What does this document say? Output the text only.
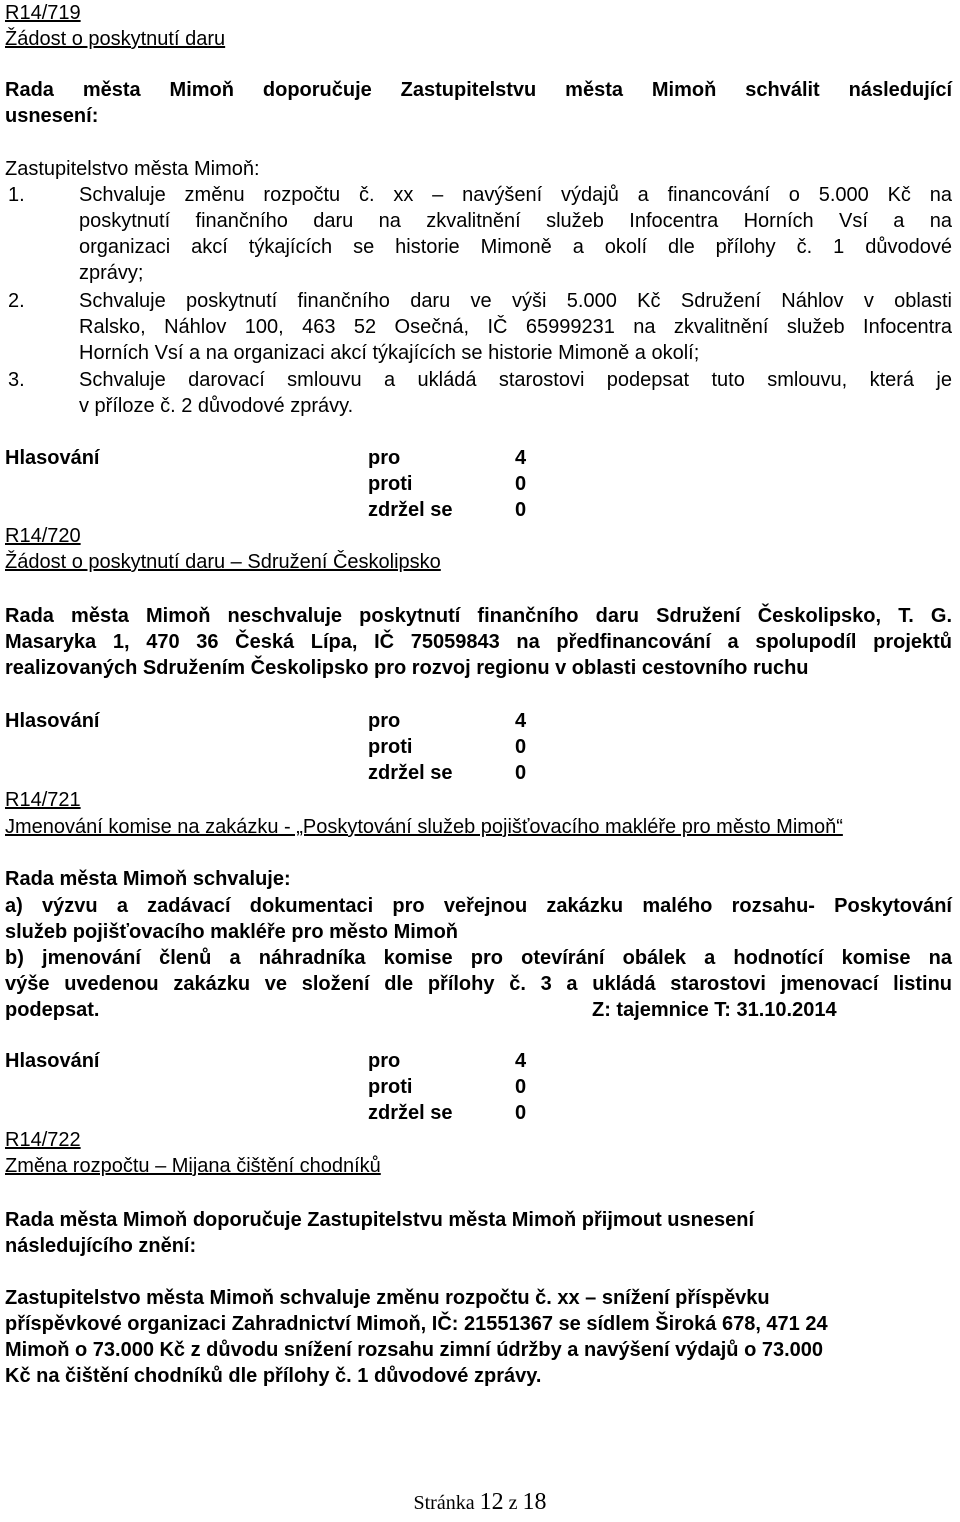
R14/719
Žádost o poskytnutí daru
Rada města Mimoň doporučuje Zastupitelstvu města Mimoň schválit následující
usnesení:
Zastupitelstvo města Mimoň:
1.	Schvaluje změnu rozpočtu č. xx – navýšení výdajů a financování o 5.000 Kč na
poskytnutí finančního daru na zkvalitnění služeb Infocentra Horních Vsí a na
organizaci akcí týkajících se historie Mimoně a okolí dle přílohy č. 1 důvodové
zprávy;
2.	Schvaluje poskytnutí finančního daru ve výši 5.000 Kč Sdružení Náhlov v oblasti
Ralsko, Náhlov 100, 463 52 Osečná, IČ 65999231 na zkvalitnění služeb Infocentra
Horních Vsí a na organizaci akcí týkajících se historie Mimoně a okolí;
3.	Schvaluje darovací smlouvu a ukládá starostovi podepsat tuto smlouvu, která je
v příloze č. 2 důvodové zprávy.
Hlasování	pro	4
proti	0
zdržel se	0
R14/720
Žádost o poskytnutí daru – Sdružení Českolipsko
Rada města Mimoň neschvaluje poskytnutí finančního daru Sdružení Českolipsko, T. G.
Masaryka 1, 470 36 Česká Lípa, IČ 75059843 na předfinancování a spolupodíl projektů
realizovaných Sdružením Českolipsko pro rozvoj regionu v oblasti cestovního ruchu
Hlasování	pro	4
proti	0
zdržel se	0
R14/721
Jmenování komise na zakázku - „Poskytování služeb pojišťovacího makléře pro město Mimoň“
Rada města Mimoň schvaluje:
a) výzvu a zadávací dokumentaci pro veřejnou zakázku malého rozsahu- Poskytování
služeb pojišťovacího makléře pro město Mimoň
b) jmenování členů a náhradníka komise pro otevírání obálek a hodnotící komise na
výše uvedenou zakázku ve složení dle přílohy č. 3 a ukládá starostovi jmenovací listinu
podepsat.	Z: tajemnice T: 31.10.2014
Hlasování	pro	4
proti	0
zdržel se	0
R14/722
Změna rozpočtu – Mijana čištění chodníků
Rada města Mimoň doporučuje Zastupitelstvu města Mimoň přijmout usnesení
následujícího znění:
Zastupitelstvo města Mimoň schvaluje změnu rozpočtu č. xx – snížení příspěvku
příspěvkové organizaci Zahradnictví Mimoň, IČ: 21551367 se sídlem Široká 678, 471 24
Mimoň o 73.000 Kč z důvodu snížení rozsahu zimní údržby a navýšení výdajů o 73.000
Kč na čištění chodníků dle přílohy č. 1 důvodové zprávy.
Stránka 12 z 18
